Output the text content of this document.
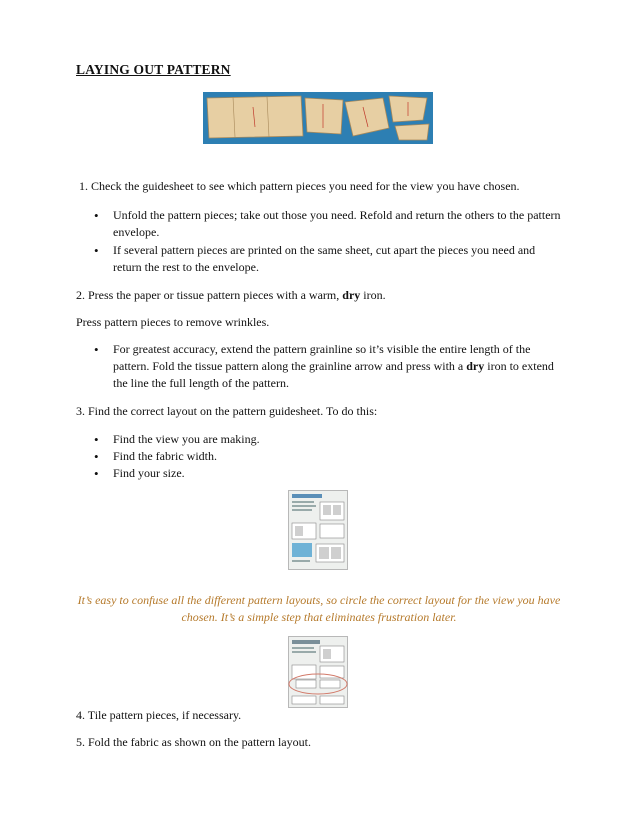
LAYING OUT PATTERN
1. Check the guidesheet to see which pattern pieces you need for the view you have chosen.
• Unfold the pattern pieces; take out those you need. Refold and return the others to the pattern envelope.
• If several pattern pieces are printed on the same sheet, cut apart the pieces you need and return the rest to the envelope.
2. Press the paper or tissue pattern pieces with a warm, dry iron.
Press pattern pieces to remove wrinkles.
• For greatest accuracy, extend the pattern grainline so it’s visible the entire length of the pattern. Fold the tissue pattern along the grainline arrow and press with a dry iron to extend the line the full length of the pattern.
3. Find the correct layout on the pattern guidesheet. To do this:
• Find the view you are making.
• Find the fabric width.
• Find your size.
It’s easy to confuse all the different pattern layouts, so circle the correct layout for the view you have chosen. It’s a simple step that eliminates frustration later.
4. Tile pattern pieces, if necessary.
5. Fold the fabric as shown on the pattern layout.
